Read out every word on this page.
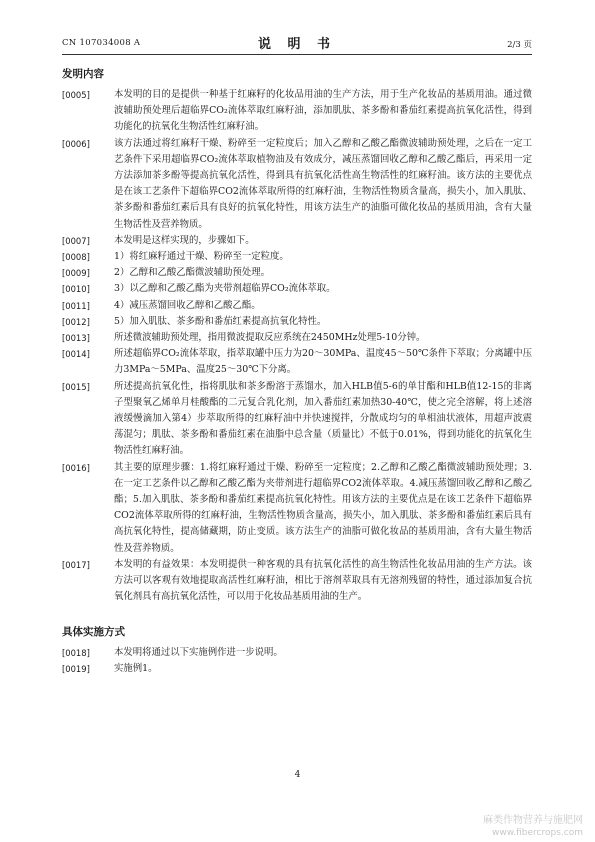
CN 107034008 A	说 明 书	2/3 页
发明内容
[0005]	本发明的目的是提供一种基于红麻籽的化妆品用油的生产方法，用于生产化妆品的基质用油。通过微波辅助预处理后超临界CO₂流体萃取红麻籽油，添加肌肽、茶多酚和番茄红素提高抗氧化活性，得到功能化的抗氧化生物活性红麻籽油。
[0006]	该方法通过将红麻籽干燥、粉碎至一定粒度后；加入乙醇和乙酸乙酯微波辅助预处理，之后在一定工艺条件下采用超临界CO₂流体萃取植物油及有效成分，减压蒸馏回收乙醇和乙酸乙酯后，再采用一定方法添加茶多酚等提高抗氧化活性，得到具有抗氧化活性高生物活性的红麻籽油。该方法的主要优点是在该工艺条件下超临界CO2流体萃取所得的红麻籽油，生物活性物质含量高，损失小，加入肌肽、茶多酚和番茄红素后具有良好的抗氧化特性，用该方法生产的油脂可做化妆品的基质用油，含有大量生物活性及营养物质。
[0007]	本发明是这样实现的，步骤如下。
[0008]	1）将红麻籽通过干燥、粉碎至一定粒度。
[0009]	2）乙醇和乙酸乙酯微波辅助预处理。
[0010]	3）以乙醇和乙酸乙酯为夹带剂超临界CO₂流体萃取。
[0011]	4）减压蒸馏回收乙醇和乙酸乙酯。
[0012]	5）加入肌肽、茶多酚和番茄红素提高抗氧化特性。
[0013]	所述微波辅助预处理，指用微波提取反应系统在2450MHz处理5-10分钟。
[0014]	所述超临界CO₂流体萃取，指萃取罐中压力为20～30MPa、温度45～50℃条件下萃取；分离罐中压力3MPa～5MPa、温度25～30℃下分离。
[0015]	所述提高抗氧化性，指将肌肽和茶多酚溶于蒸馏水，加入HLB值5-6的单甘酯和HLB值12-15的非离子型聚氧乙烯单月桂酸酯的二元复合乳化剂，加入番茄红素加热30-40℃，使之完全溶解，将上述溶液缓慢滴加入第4）步萃取所得的红麻籽油中并快速搅拌，分散成均匀的单相油状液体，用超声波震荡混匀；肌肽、茶多酚和番茄红素在油脂中总含量（质量比）不低于0.01%，得到功能化的抗氧化生物活性红麻籽油。
[0016]	其主要的原理步骤：1.将红麻籽通过干燥、粉碎至一定粒度；2.乙醇和乙酸乙酯微波辅助预处理；3. 在一定工艺条件以乙醇和乙酸乙酯为夹带剂进行超临界CO2流体萃取。4.减压蒸馏回收乙醇和乙酸乙酯；5.加入肌肽、茶多酚和番茄红素提高抗氧化特性。用该方法的主要优点是在该工艺条件下超临界CO2流体萃取所得的红麻籽油，生物活性物质含量高，损失小，加入肌肽、茶多酚和番茄红素后具有高抗氧化特性，提高储藏期，防止变质。该方法生产的油脂可做化妆品的基质用油，含有大量生物活性及营养物质。
[0017]	本发明的有益效果：本发明提供一种客观的具有抗氧化活性的高生物活性化妆品用油的生产方法。该方法可以客观有效地提取高活性红麻籽油，相比于溶剂萃取具有无溶剂残留的特性，通过添加复合抗氧化剂具有高抗氧化活性，可以用于化妆品基质用油的生产。
具体实施方式
[0018]	本发明将通过以下实施例作进一步说明。
[0019]	实施例1。
4
麻类作物营养与施肥网
www.fibercrops.com
